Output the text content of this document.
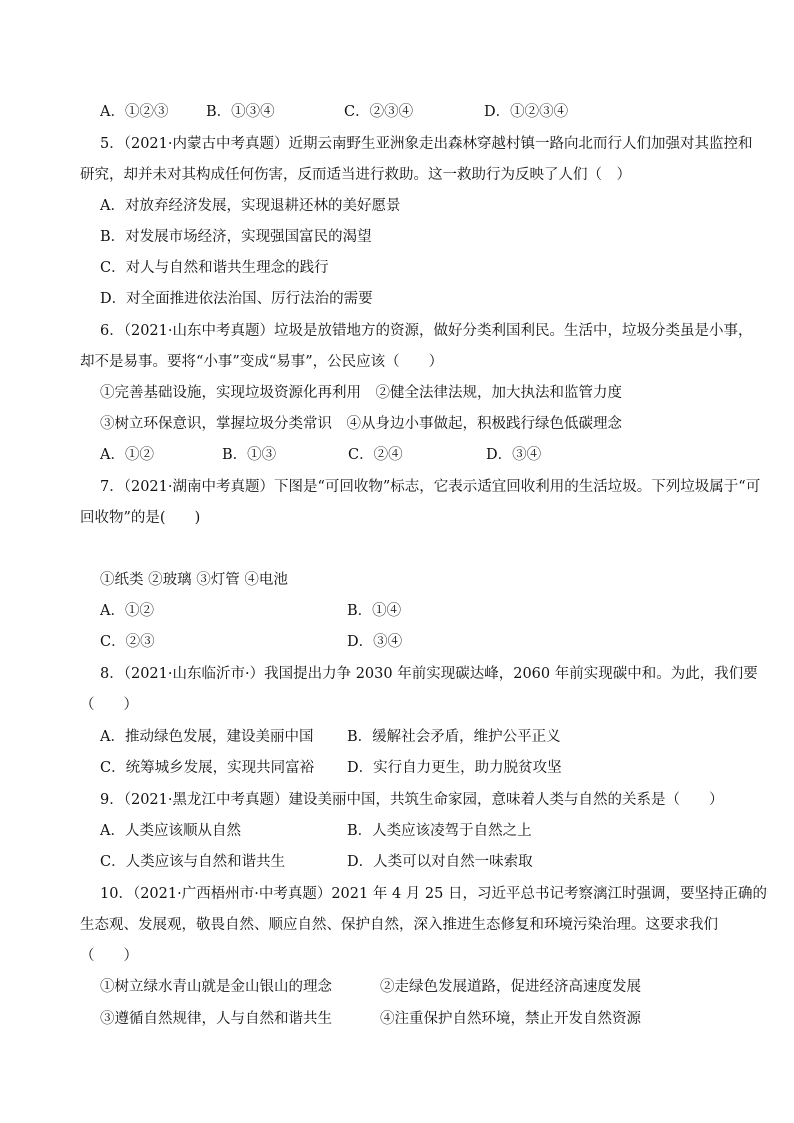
A．①②③	B．①③④	C．②③④	D．①②③④
5．（2021·内蒙古中考真题）近期云南野生亚洲象走出森林穿越村镇一路向北而行人们加强对其监控和
研究，却并未对其构成任何伤害，反而适当进行救助。这一救助行为反映了人们（　）
A．对放弃经济发展，实现退耕还林的美好愿景
B．对发展市场经济，实现强国富民的渴望
C．对人与自然和谐共生理念的践行
D．对全面推进依法治国、厉行法治的需要
6．（2021·山东中考真题）垃圾是放错地方的资源，做好分类利国利民。生活中，垃圾分类虽是小事，
却不是易事。要将“小事”变成“易事”，公民应该（　　）
①完善基础设施，实现垃圾资源化再利用　②健全法律法规，加大执法和监管力度
③树立环保意识，掌握垃圾分类常识　④从身边小事做起，积极践行绿色低碳理念
A．①②	B．①③	C．②④	D．③④
7．（2021·湖南中考真题）下图是“可回收物”标志，它表示适宜回收利用的生活垃圾。下列垃圾属于“可
回收物”的是(　　)
①纸类 ②玻璃 ③灯管 ④电池
A．①②	B．①④
C．②③	D．③④
8．（2021·山东临沂市·）我国提出力争 2030 年前实现碳达峰，2060 年前实现碳中和。为此，我们要
（　　）
A．推动绿色发展，建设美丽中国 B．缓解社会矛盾，维护公平正义
C．统筹城乡发展，实现共同富裕 D．实行自力更生，助力脱贫攻坚
9．（2021·黑龙江中考真题）建设美丽中国，共筑生命家园，意味着人类与自然的关系是（　　）
A．人类应该顺从自然	B．人类应该凌驾于自然之上
C．人类应该与自然和谐共生	D．人类可以对自然一味索取
10．（2021·广西梧州市·中考真题）2021 年 4 月 25 日，习近平总书记考察漓江时强调，要坚持正确的
生态观、发展观，敬畏自然、顺应自然、保护自然，深入推进生态修复和环境污染治理。这要求我们
（　　）
①树立绿水青山就是金山银山的理念	②走绿色发展道路，促进经济高速度发展
③遵循自然规律，人与自然和谐共生	④注重保护自然环境，禁止开发自然资源
